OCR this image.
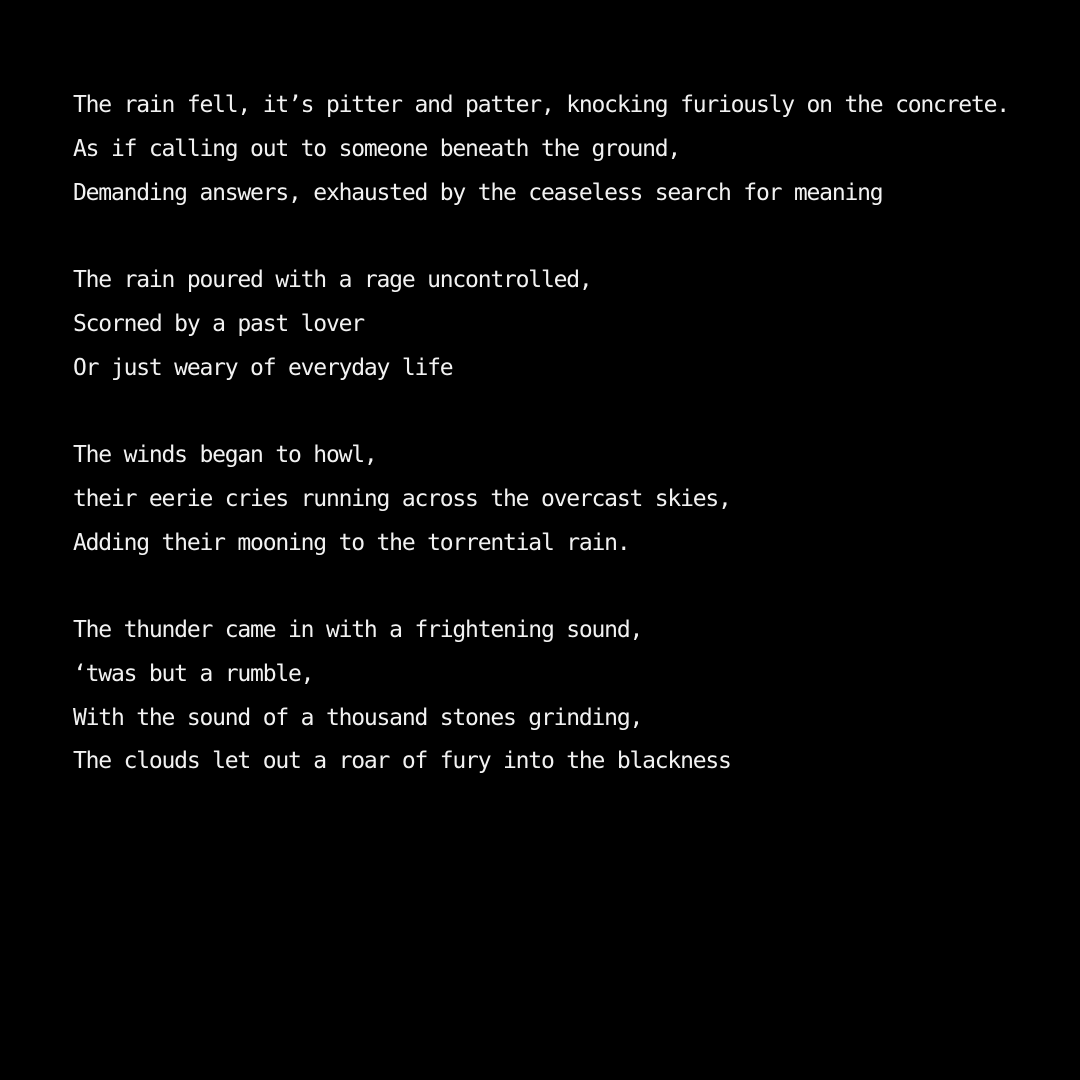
The rain fell, it’s pitter and patter, knocking furiously on the concrete.
As if calling out to someone beneath the ground,
Demanding answers, exhausted by the ceaseless search for meaning
The rain poured with a rage uncontrolled,
Scorned by a past lover
Or just weary of everyday life
The winds began to howl,
their eerie cries running across the overcast skies,
Adding their mooning to the torrential rain.
The thunder came in with a frightening sound,
‘twas but a rumble,
With the sound of a thousand stones grinding,
The clouds let out a roar of fury into the blackness
